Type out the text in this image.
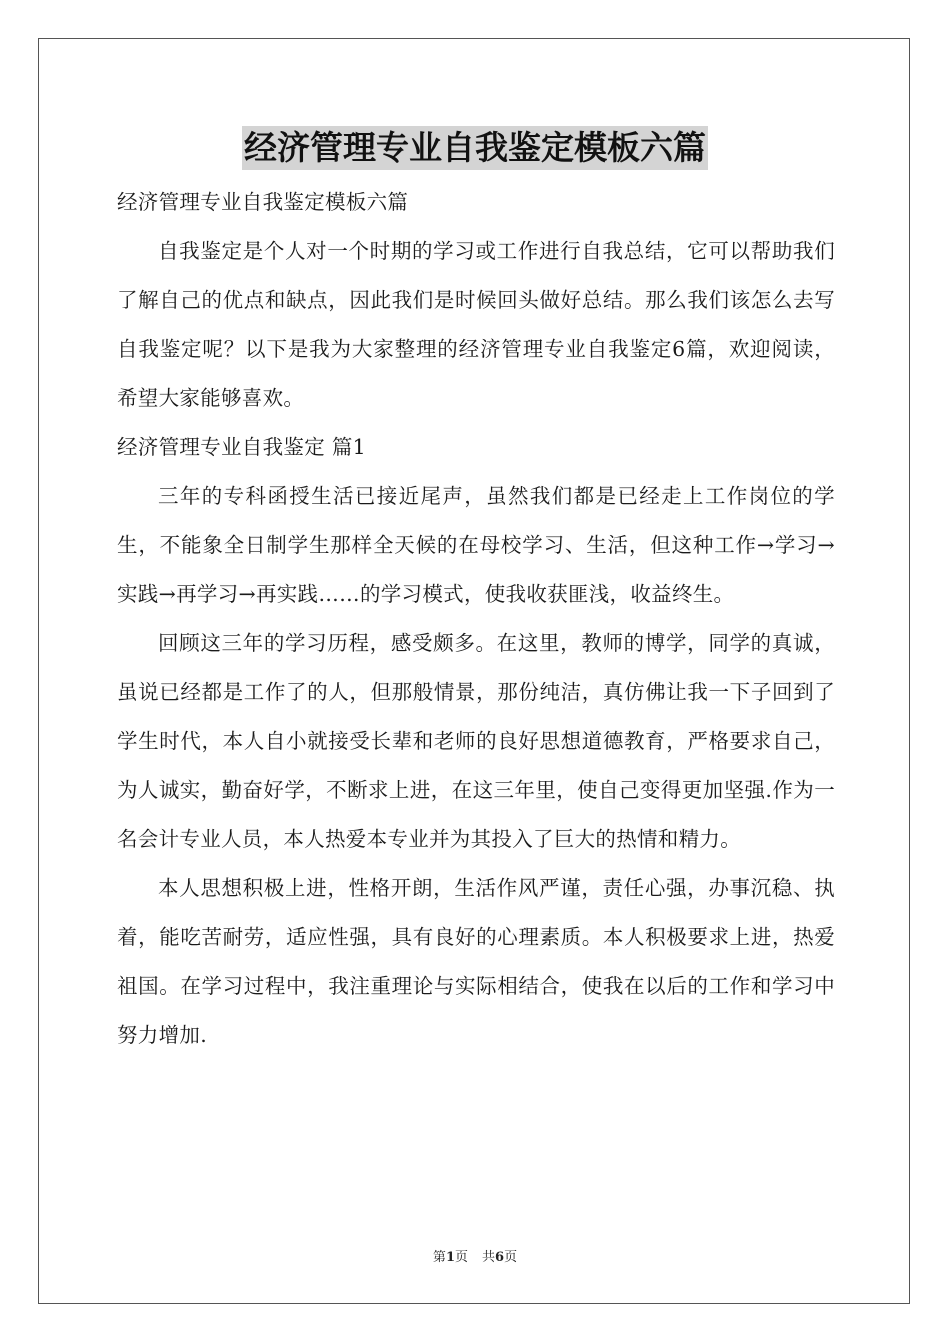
经济管理专业自我鉴定模板六篇

经济管理专业自我鉴定模板六篇

自我鉴定是个人对一个时期的学习或工作进行自我总结，它可以帮助我们了解自己的优点和缺点，因此我们是时候回头做好总结。那么我们该怎么去写自我鉴定呢？以下是我为大家整理的经济管理专业自我鉴定6篇，欢迎阅读，希望大家能够喜欢。

经济管理专业自我鉴定 篇1

三年的专科函授生活已接近尾声，虽然我们都是已经走上工作岗位的学生，不能象全日制学生那样全天候的在母校学习、生活，但这种工作→学习→实践→再学习→再实践……的学习模式，使我收获匪浅，收益终生。

回顾这三年的学习历程，感受颇多。在这里，教师的博学，同学的真诚，虽说已经都是工作了的人，但那般情景，那份纯洁，真仿佛让我一下子回到了学生时代，本人自小就接受长辈和老师的良好思想道德教育，严格要求自己，为人诚实，勤奋好学，不断求上进，在这三年里，使自己变得更加坚强.作为一名会计专业人员，本人热爱本专业并为其投入了巨大的热情和精力。

本人思想积极上进，性格开朗，生活作风严谨，责任心强，办事沉稳、执着，能吃苦耐劳，适应性强，具有良好的心理素质。本人积极要求上进，热爱祖国。在学习过程中，我注重理论与实际相结合，使我在以后的工作和学习中努力增加.

第1页 共6页
